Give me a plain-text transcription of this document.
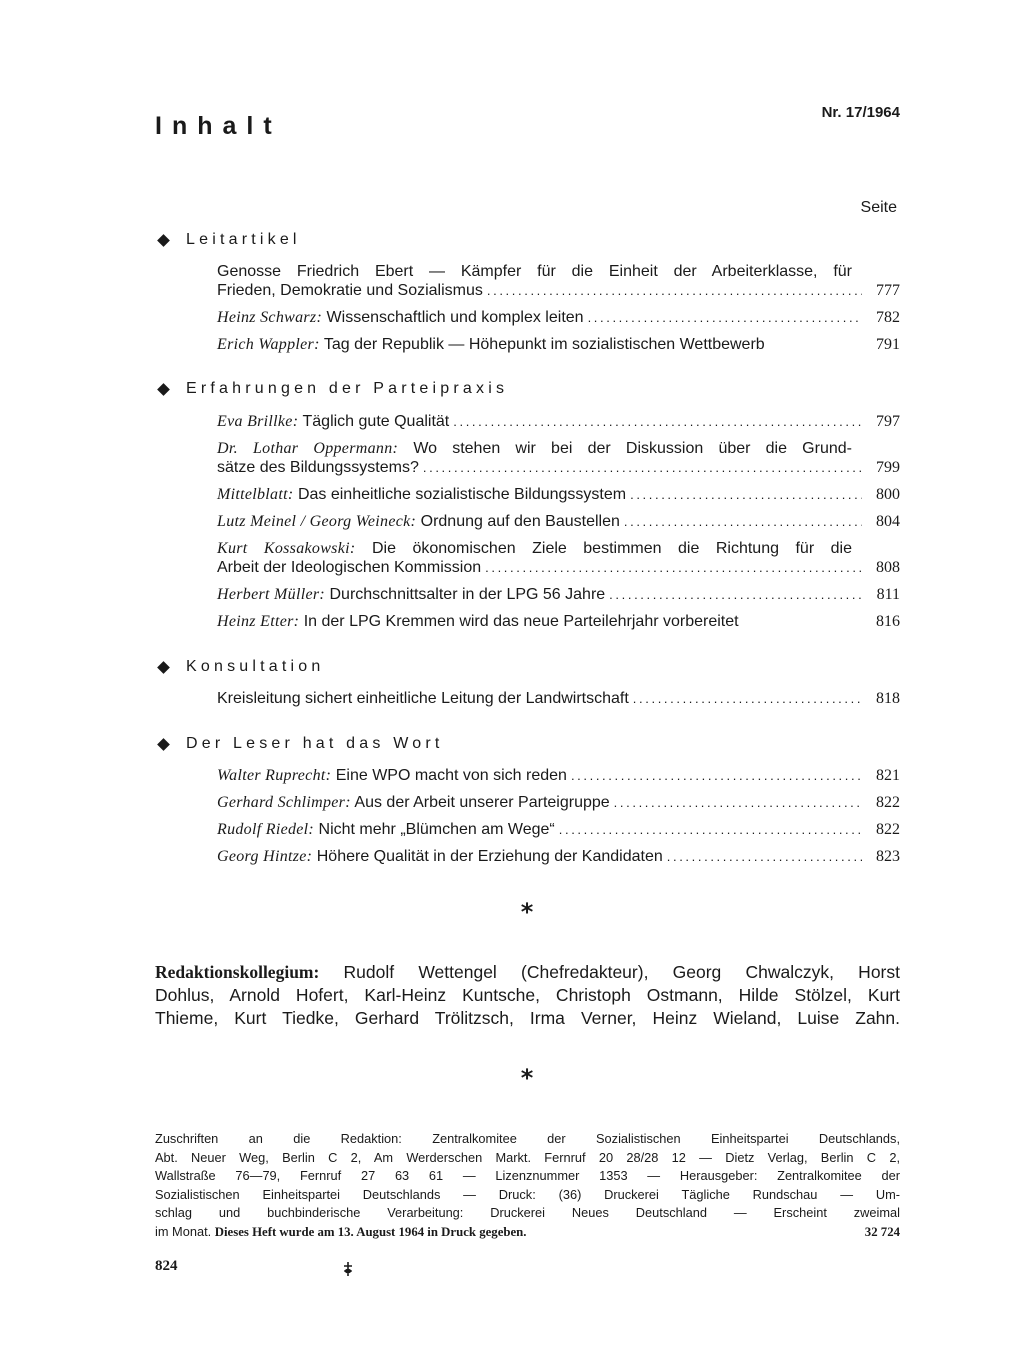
Inhalt	Nr. 17/1964
Seite
Leitartikel
Genosse Friedrich Ebert — Kämpfer für die Einheit der Arbeiterklasse, für
Frieden, Demokratie und Sozialismus . . .	777
Heinz Schwarz: Wissenschaftlich und komplex leiten . . .	782
Erich Wappler: Tag der Republik — Höhepunkt im sozialistischen Wettbewerb	791
Erfahrungen der Parteipraxis
Eva Brillke: Täglich gute Qualität . . .	797
Dr. Lothar Oppermann: Wo stehen wir bei der Diskussion über die Grund-
sätze des Bildungssystems? . . .	799
Mittelblatt: Das einheitliche sozialistische Bildungssystem . . .	800
Lutz Meinel / Georg Weineck: Ordnung auf den Baustellen . . .	804
Kurt Kossakowski: Die ökonomischen Ziele bestimmen die Richtung für die
Arbeit der Ideologischen Kommission . . .	808
Herbert Müller: Durchschnittsalter in der LPG 56 Jahre . . .	811
Heinz Etter: In der LPG Kremmen wird das neue Parteilehrjahr vorbereitet	816
Konsultation
Kreisleitung sichert einheitliche Leitung der Landwirtschaft . . .	818
Der Leser hat das Wort
Walter Ruprecht: Eine WPO macht von sich reden . . .	821
Gerhard Schlimper: Aus der Arbeit unserer Parteigruppe . . .	822
Rudolf Riedel: Nicht mehr „Blümchen am Wege“ . . .	822
Georg Hintze: Höhere Qualität in der Erziehung der Kandidaten . . .	823
*
Redaktionskollegium: Rudolf Wettengel (Chefredakteur), Georg Chwalczyk, Horst
Dohlus, Arnold Hofert, Karl-Heinz Kuntsche, Christoph Ostmann, Hilde Stölzel, Kurt
Thieme, Kurt Tiedke, Gerhard Trölitzsch, Irma Verner, Heinz Wieland, Luise Zahn.
*
Zuschriften an die Redaktion: Zentralkomitee der Sozialistischen Einheitspartei Deutschlands,
Abt. Neuer Weg, Berlin C 2, Am Werderschen Markt. Fernruf 20 28/28 12 — Dietz Verlag, Berlin C 2,
Wallstraße 76—79, Fernruf 27 63 61 — Lizenznummer 1353 — Herausgeber: Zentralkomitee der
Sozialistischen Einheitspartei Deutschlands — Druck: (36) Druckerei Tägliche Rundschau — Um-
schlag und buchbinderische Verarbeitung: Druckerei Neues Deutschland — Erscheint zweimal
im Monat. Dieses Heft wurde am 13. August 1964 in Druck gegeben.	32 724
824
